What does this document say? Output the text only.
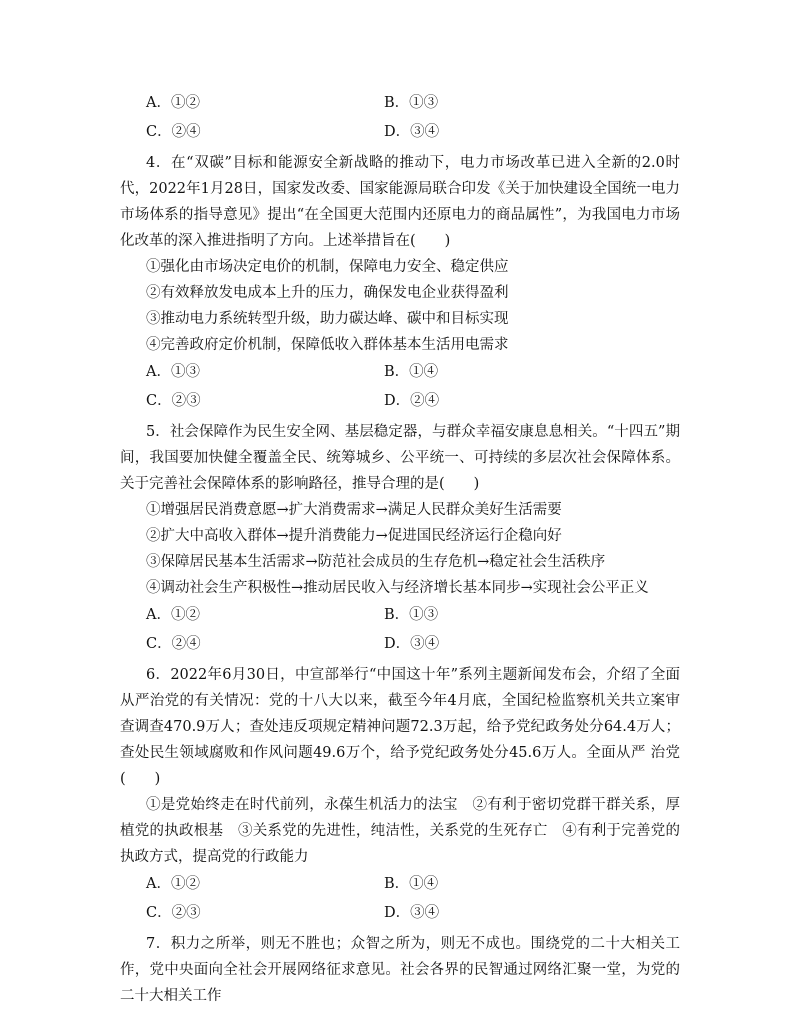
A．①②	B．①③
C．②④	D．③④

4．在“双碳”目标和能源安全新战略的推动下，电力市场改革已进入全新的2.0时代，2022年1月28日，国家发改委、国家能源局联合印发《关于加快建设全国统一电力市场体系的指导意见》提出“在全国更大范围内还原电力的商品属性”，为我国电力市场化改革的深入推进指明了方向。上述举措旨在(　　)

①强化由市场决定电价的机制，保障电力安全、稳定供应
②有效释放发电成本上升的压力，确保发电企业获得盈利
③推动电力系统转型升级，助力碳达峰、碳中和目标实现
④完善政府定价机制，保障低收入群体基本生活用电需求
A．①③	B．①④
C．②③	D．②④

5．社会保障作为民生安全网、基层稳定器，与群众幸福安康息息相关。“十四五”期间，我国要加快健全覆盖全民、统筹城乡、公平统一、可持续的多层次社会保障体系。关于完善社会保障体系的影响路径，推导合理的是(　　)

①增强居民消费意愿→扩大消费需求→满足人民群众美好生活需要
②扩大中高收入群体→提升消费能力→促进国民经济运行企稳向好
③保障居民基本生活需求→防范社会成员的生存危机→稳定社会生活秩序
④调动社会生产积极性→推动居民收入与经济增长基本同步→实现社会公平正义
A．①②	B．①③
C．②④	D．③④

6．2022年6月30日，中宣部举行“中国这十年”系列主题新闻发布会，介绍了全面从严治党的有关情况：党的十八大以来，截至今年4月底，全国纪检监察机关共立案审查调查470.9万人；查处违反项规定精神问题72.3万起，给予党纪政务处分64.4万人；查处民生领域腐败和作风问题49.6万个，给予党纪政务处分45.6万人。全面从严 治党(　　)

①是党始终走在时代前列，永葆生机活力的法宝　②有利于密切党群干群关系，厚植党的执政根基　③关系党的先进性，纯洁性，关系党的生死存亡　④有利于完善党的执政方式，提高党的行政能力

A．①②	B．①④
C．②③	D．③④

7．积力之所举，则无不胜也；众智之所为，则无不成也。围绕党的二十大相关工作，党中央面向全社会开展网络征求意见。社会各界的民智通过网络汇聚一堂，为党的二十大相关工作
